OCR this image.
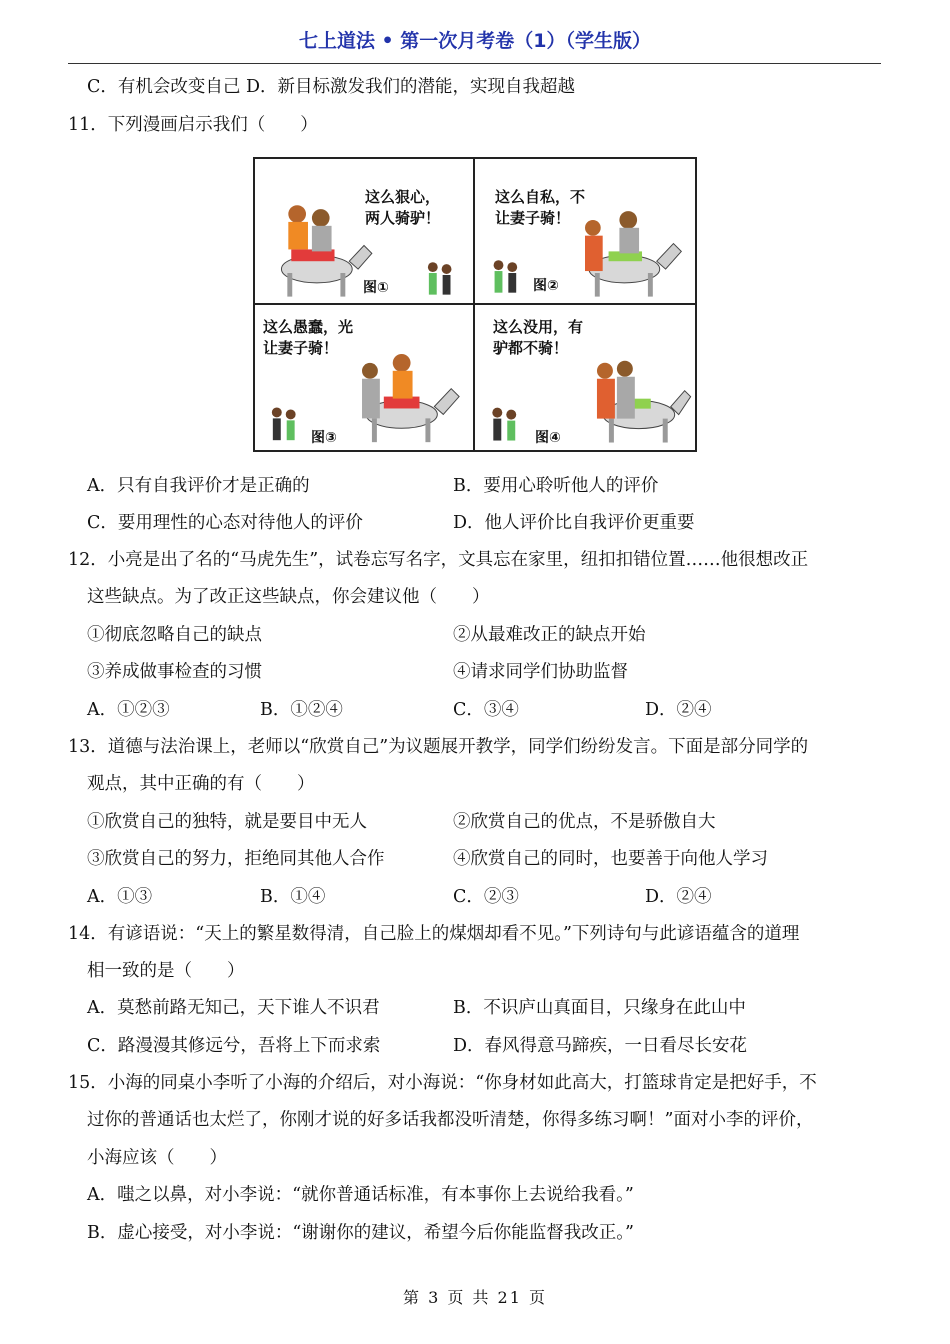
七上道法 • 第一次月考卷（1）（学生版）
C．有机会改变自己 D．新目标激发我们的潜能，实现自我超越
11．下列漫画启示我们（　　）
这么狠心，
两人骑驴！
图①
这么自私，不
让妻子骑！
图②
这么愚蠢，光
让妻子骑！
图③
这么没用，有
驴都不骑！
图④
A．只有自我评价才是正确的	B．要用心聆听他人的评价
C．要用理性的心态对待他人的评价	D．他人评价比自我评价更重要
12．小亮是出了名的“马虎先生”，试卷忘写名字，文具忘在家里，纽扣扣错位置……他很想改正
这些缺点。为了改正这些缺点，你会建议他（　　）
①彻底忽略自己的缺点	②从最难改正的缺点开始
③养成做事检查的习惯	④请求同学们协助监督
A．①②③	B．①②④	C．③④	D．②④
13．道德与法治课上，老师以“欣赏自己”为议题展开教学，同学们纷纷发言。下面是部分同学的
观点，其中正确的有（　　）
①欣赏自己的独特，就是要目中无人	②欣赏自己的优点，不是骄傲自大
③欣赏自己的努力，拒绝同其他人合作	④欣赏自己的同时，也要善于向他人学习
A．①③	B．①④	C．②③	D．②④
14．有谚语说：“天上的繁星数得清，自己脸上的煤烟却看不见。”下列诗句与此谚语蕴含的道理
相一致的是（　　）
A．莫愁前路无知己，天下谁人不识君	B．不识庐山真面目，只缘身在此山中
C．路漫漫其修远兮，吾将上下而求索	D．春风得意马蹄疾，一日看尽长安花
15．小海的同桌小李听了小海的介绍后，对小海说：“你身材如此高大，打篮球肯定是把好手，不
过你的普通话也太烂了，你刚才说的好多话我都没听清楚，你得多练习啊！”面对小李的评价，
小海应该（　　）
A．嗤之以鼻，对小李说：“就你普通话标准，有本事你上去说给我看。”
B．虚心接受，对小李说：“谢谢你的建议，希望今后你能监督我改正。”
第 3 页 共 21 页
